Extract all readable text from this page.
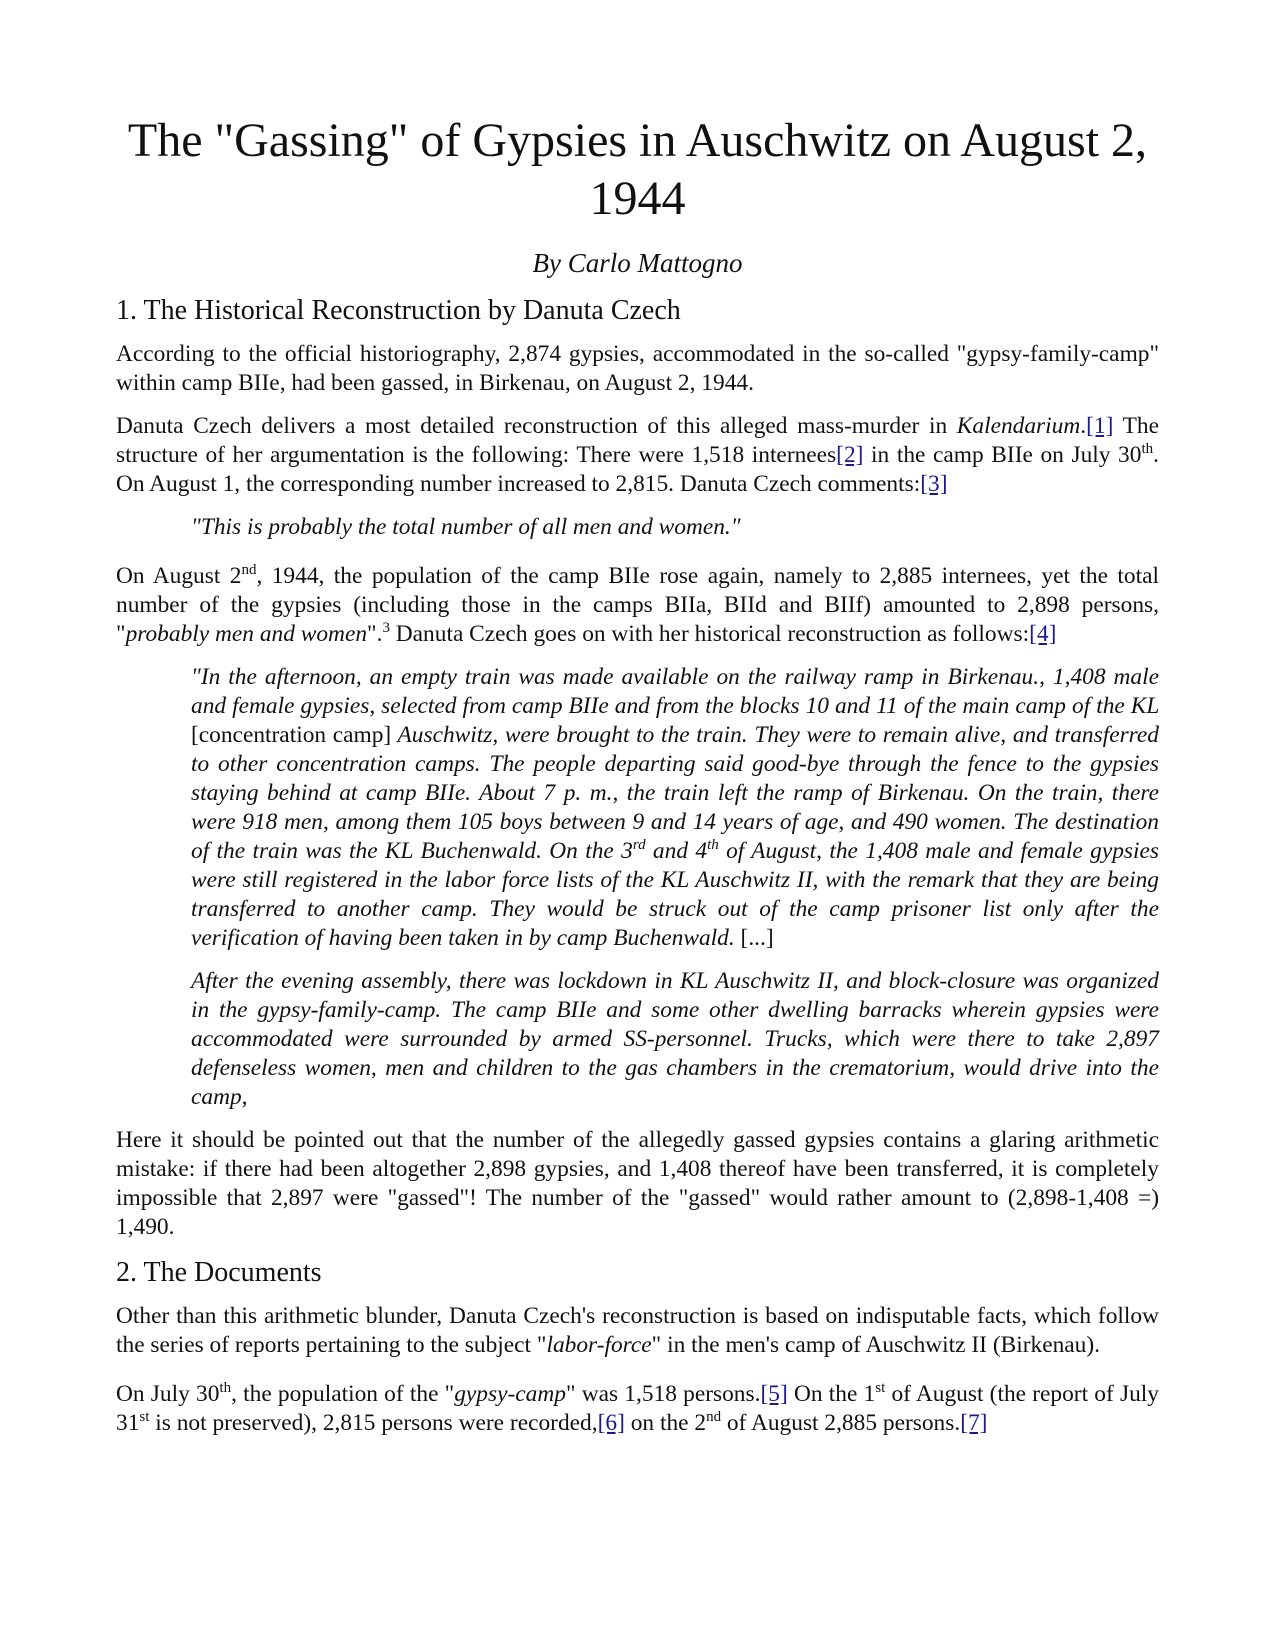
The "Gassing" of Gypsies in Auschwitz on August 2, 1944
By Carlo Mattogno
1. The Historical Reconstruction by Danuta Czech

According to the official historiography, 2,874 gypsies, accommodated in the so-called "gypsy-family-camp" within camp BIIe, had been gassed, in Birkenau, on August 2, 1944.

Danuta Czech delivers a most detailed reconstruction of this alleged mass-murder in Kalendarium.[1] The structure of her argumentation is the following: There were 1,518 internees[2] in the camp BIIe on July 30th. On August 1, the corresponding number increased to 2,815. Danuta Czech comments:[3]

"This is probably the total number of all men and women."

On August 2nd, 1944, the population of the camp BIIe rose again, namely to 2,885 internees, yet the total number of the gypsies (including those in the camps BIIa, BIId and BIIf) amounted to 2,898 persons, "probably men and women".$^3$ Danuta Czech goes on with her historical reconstruction as follows:[4]

"In the afternoon, an empty train was made available on the railway ramp in Birkenau., 1,408 male and female gypsies, selected from camp BIIe and from the blocks 10 and 11 of the main camp of the KL [concentration camp] Auschwitz, were brought to the train. They were to remain alive, and transferred to other concentration camps. The people departing said good-bye through the fence to the gypsies staying behind at camp BIIe. About 7 p. m., the train left the ramp of Birkenau. On the train, there were 918 men, among them 105 boys between 9 and 14 years of age, and 490 women. The destination of the train was the KL Buchenwald. On the 3rd and 4th of August, the 1,408 male and female gypsies were still registered in the labor force lists of the KL Auschwitz II, with the remark that they are being transferred to another camp. They would be struck out of the camp prisoner list only after the verification of having been taken in by camp Buchenwald. [...]

After the evening assembly, there was lockdown in KL Auschwitz II, and block-closure was organized in the gypsy-family-camp. The camp BIIe and some other dwelling barracks wherein gypsies were accommodated were surrounded by armed SS-personnel. Trucks, which were there to take 2,897 defenseless women, men and children to the gas chambers in the crematorium, would drive into the camp,

Here it should be pointed out that the number of the allegedly gassed gypsies contains a glaring arithmetic mistake: if there had been altogether 2,898 gypsies, and 1,408 thereof have been transferred, it is completely impossible that 2,897 were "gassed"! The number of the "gassed" would rather amount to (2,898-1,408 =) 1,490.

2. The Documents

Other than this arithmetic blunder, Danuta Czech's reconstruction is based on indisputable facts, which follow the series of reports pertaining to the subject "labor-force" in the men's camp of Auschwitz II (Birkenau).

On July 30th, the population of the "gypsy-camp" was 1,518 persons.[5] On the 1st of August (the report of July 31st is not preserved), 2,815 persons were recorded,[6] on the 2nd of August 2,885 persons.[7]
